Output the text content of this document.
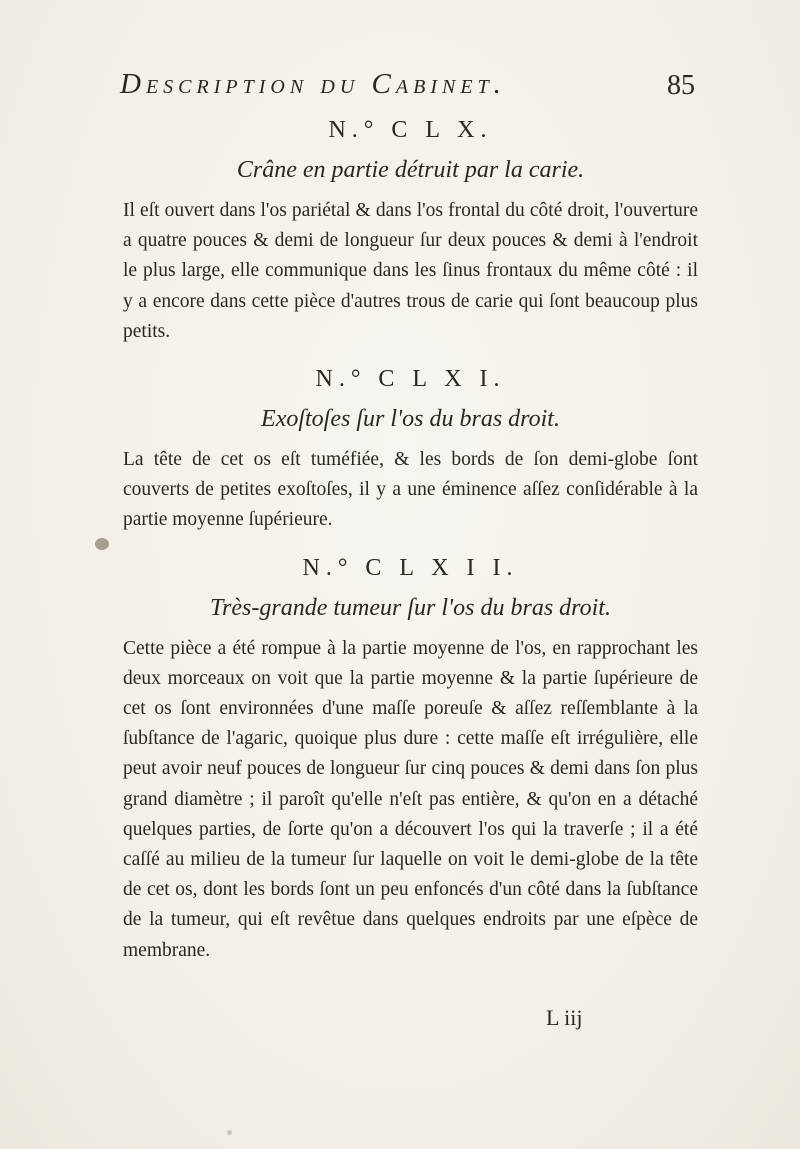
Description du Cabinet.	85
N.° C L X.
Crâne en partie détruit par la carie.

Il eſt ouvert dans l'os pariétal & dans l'os frontal du côté droit, l'ouverture a quatre pouces & demi de longueur ſur deux pouces & demi à l'endroit le plus large, elle communique dans les ſinus frontaux du même côté : il y a encore dans cette pièce d'autres trous de carie qui ſont beaucoup plus petits.

N.° C L X I.
Exoſtoſes ſur l'os du bras droit.

La tête de cet os eſt tuméfiée, & les bords de ſon demi-globe ſont couverts de petites exoſtoſes, il y a une éminence aſſez conſidérable à la partie moyenne ſupérieure.

N.° C L X I I.
Très-grande tumeur ſur l'os du bras droit.

Cette pièce a été rompue à la partie moyenne de l'os, en rapprochant les deux morceaux on voit que la partie moyenne & la partie ſupérieure de cet os ſont environnées d'une maſſe poreuſe & aſſez reſſemblante à la ſubſtance de l'agaric, quoique plus dure : cette maſſe eſt irrégulière, elle peut avoir neuf pouces de longueur ſur cinq pouces & demi dans ſon plus grand diamètre ; il paroît qu'elle n'eſt pas entière, & qu'on en a détaché quelques parties, de ſorte qu'on a découvert l'os qui la traverſe ; il a été caſſé au milieu de la tumeur ſur laquelle on voit le demi-globe de la tête de cet os, dont les bords ſont un peu enfoncés d'un côté dans la ſubſtance de la tumeur, qui eſt revêtue dans quelques endroits par une eſpèce de membrane.

L iij
